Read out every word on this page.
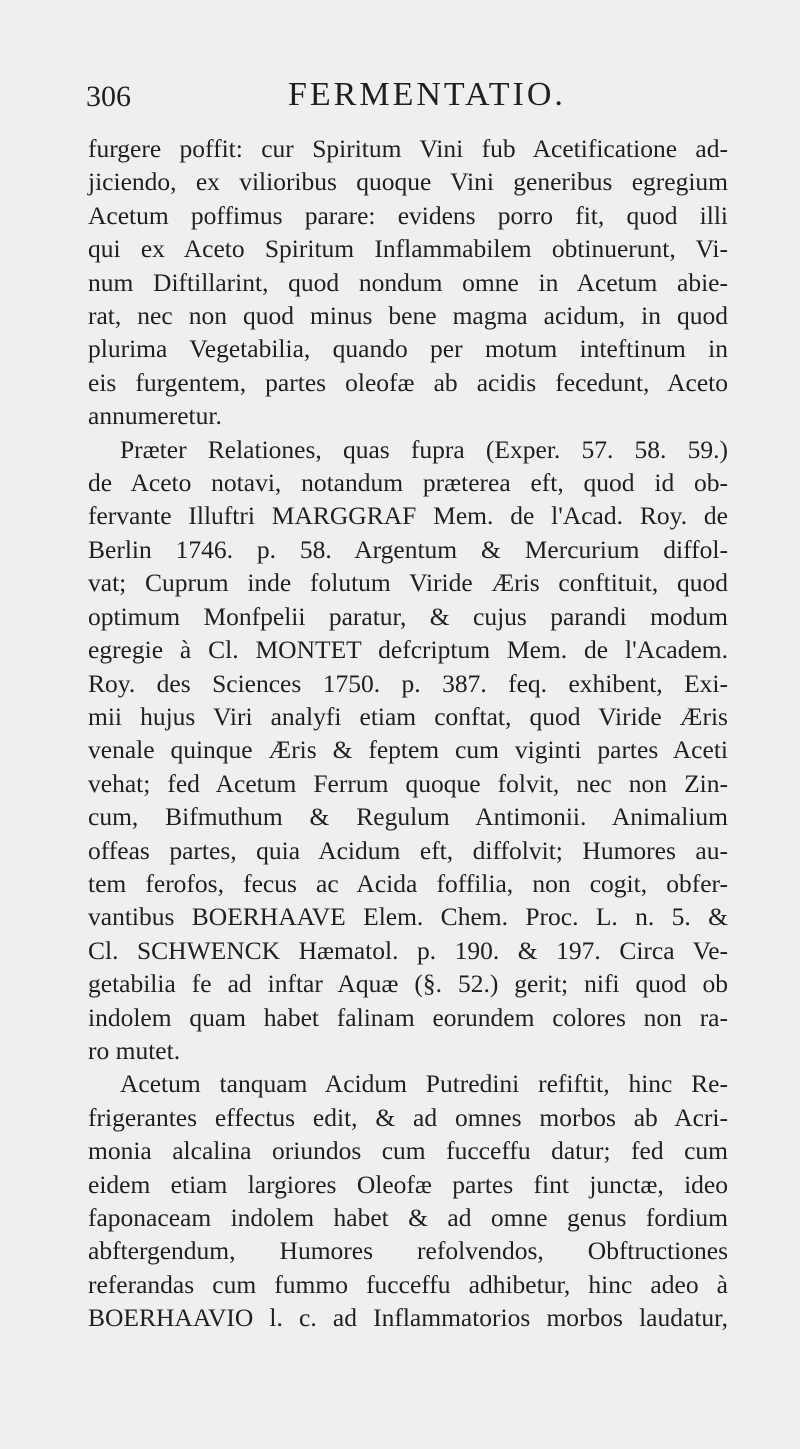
306	FERMENTATIO.
furgere poffit: cur Spiritum Vini fub Acetificatione ad-
jiciendo, ex vilioribus quoque Vini generibus egregium
Acetum poffimus parare: evidens porro fit, quod illi
qui ex Aceto Spiritum Inflammabilem obtinuerunt, Vi-
num Diftillarint, quod nondum omne in Acetum abie-
rat, nec non quod minus bene magma acidum, in quod
plurima Vegetabilia, quando per motum inteftinum in
eis furgentem, partes oleofæ ab acidis fecedunt, Aceto
annumeretur.
Præter Relationes, quas fupra (Exper. 57. 58. 59.)
de Aceto notavi, notandum præterea eft, quod id ob-
fervante Illuftri MARGGRAF Mem. de l'Acad. Roy. de
Berlin 1746. p. 58. Argentum & Mercurium diffol-
vat; Cuprum inde folutum Viride Æris conftituit, quod
optimum Monfpelii paratur, & cujus parandi modum
egregie à Cl. MONTET defcriptum Mem. de l'Academ.
Roy. des Sciences 1750. p. 387. feq. exhibent, Exi-
mii hujus Viri analyfi etiam conftat, quod Viride Æris
venale quinque Æris & feptem cum viginti partes Aceti
vehat; fed Acetum Ferrum quoque folvit, nec non Zin-
cum, Bifmuthum & Regulum Antimonii. Animalium
offeas partes, quia Acidum eft, diffolvit; Humores au-
tem ferofos, fecus ac Acida foffilia, non cogit, obfer-
vantibus BOERHAAVE Elem. Chem. Proc. L. n. 5. &
Cl. SCHWENCK Hæmatol. p. 190. & 197. Circa Ve-
getabilia fe ad inftar Aquæ (§. 52.) gerit; nifi quod ob
indolem quam habet falinam eorundem colores non ra-
ro mutet.
Acetum tanquam Acidum Putredini refiftit, hinc Re-
frigerantes effectus edit, & ad omnes morbos ab Acri-
monia alcalina oriundos cum fucceffu datur; fed cum
eidem etiam largiores Oleofæ partes fint junctæ, ideo
faponaceam indolem habet & ad omne genus fordium
abftergendum, Humores refolvendos, Obftructiones
referandas cum fummo fucceffu adhibetur, hinc adeo à
BOERHAAVIO l. c. ad Inflammatorios morbos laudatur,
